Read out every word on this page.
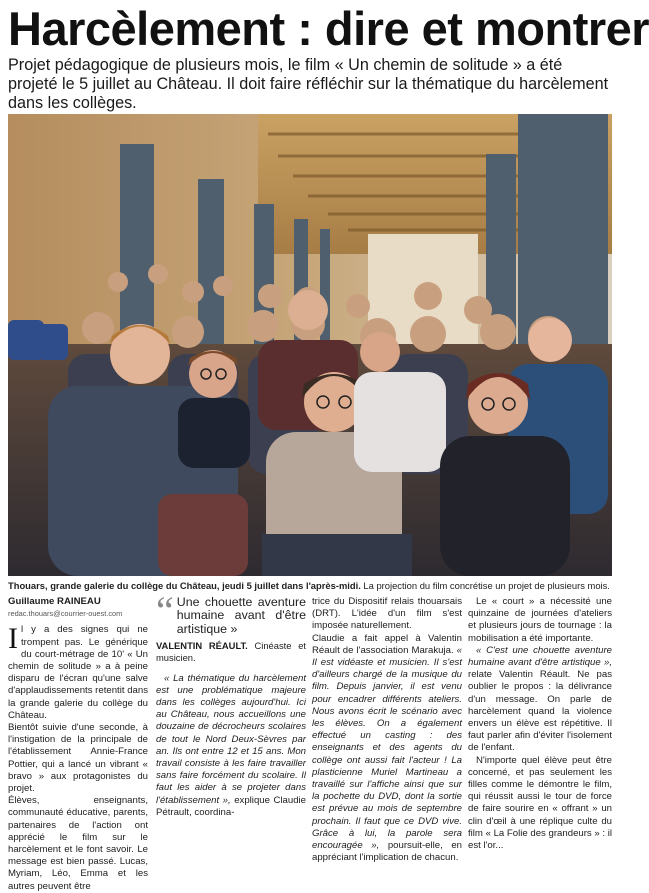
Harcèlement : dire et montrer

Projet pédagogique de plusieurs mois, le film « Un chemin de solitude » a été projeté le 5 juillet au Château. Il doit faire réfléchir sur la thématique du harcèlement dans les collèges.

Thouars, grande galerie du collège du Château, jeudi 5 juillet dans l'après-midi. La projection du film concrétise un projet de plusieurs mois.
Guillaume RAINEAU
redac.thouars@courrier-ouest.com

Il y a des signes qui ne trompent pas. Le générique du court-métrage de 10' « Un chemin de solitude » a à peine disparu de l'écran qu'une salve d'applaudissements retentit dans la grande galerie du collège du Château.

Bientôt suivie d'une seconde, à l'instigation de la principale de l'établissement Annie-France Pottier, qui a lancé un vibrant « bravo » aux protagonistes du projet.

Élèves, enseignants, communauté éducative, parents, partenaires de l'action ont apprécié le film sur le harcèlement et le font savoir. Le message est bien passé. Lucas, Myriam, Léo, Emma et les autres peuvent être

“ Une chouette aventure humaine avant d'être artistique »
VALENTIN RÉAULT. Cinéaste et musicien.

« La thématique du harcèlement est une problématique majeure dans les collèges aujourd'hui. Ici au Château, nous accueillons une douzaine de décrocheurs scolaires de tout le Nord Deux-Sèvres par an. Ils ont entre 12 et 15 ans. Mon travail consiste à les faire travailler sans faire forcément du scolaire. Il faut les aider à se projeter dans l'établissement », explique Claudie Pétrault, coordina-

trice du Dispositif relais thouarsais (DRT). L'idée d'un film s'est imposée naturellement.

Claudie a fait appel à Valentin Réault de l'association Marakuja. « Il est vidéaste et musicien. Il s'est d'ailleurs chargé de la musique du film. Depuis janvier, il est venu pour encadrer différents ateliers. Nous avons écrit le scénario avec les élèves. On a également effectué un casting : des enseignants et des agents du collège ont aussi fait l'acteur ! La plasticienne Muriel Martineau a travaillé sur l'affiche ainsi que sur la pochette du DVD, dont la sortie est prévue au mois de septembre prochain. Il faut que ce DVD vive. Grâce à lui, la parole sera encouragée », poursuit-elle, en appréciant l'implication de chacun.

Le « court » a nécessité une quinzaine de journées d'ateliers et plusieurs jours de tournage : la mobilisation a été importante.

« C'est une chouette aventure humaine avant d'être artistique », relate Valentin Réault. Ne pas oublier le propos : la délivrance d'un message. On parle de harcèlement quand la violence envers un élève est répétitive. Il faut parler afin d'éviter l'isolement de l'enfant.

N'importe quel élève peut être concerné, et pas seulement les filles comme le démontre le film, qui réussit aussi le tour de force de faire sourire en « offrant » un clin d'œil à une réplique culte du film « La Folie des grandeurs » : il est l'or...
